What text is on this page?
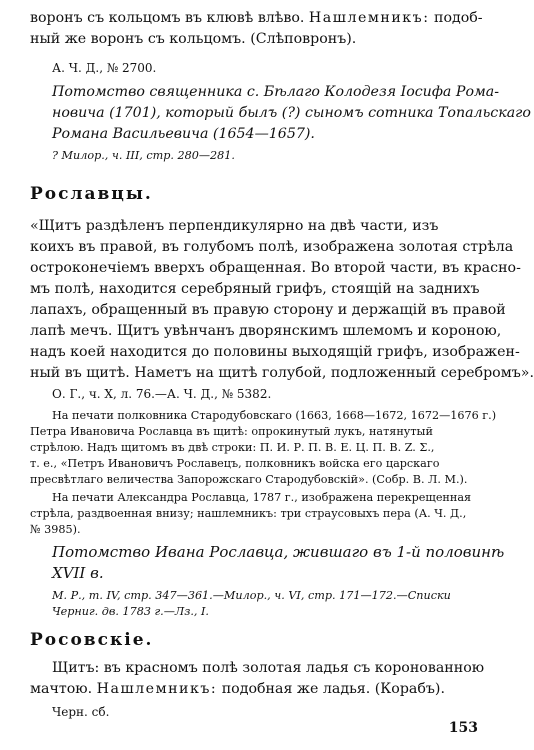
воронъ съ кольцомъ въ клювѣ влѣво. Нашлемникъ: подоб-
ный же воронъ съ кольцомъ. (Слѣповронъ).
А. Ч. Д., № 2700.
Потомство священника с. Бѣлаго Колодезя Іосифа Рома-
новича (1701), который былъ (?) сыномъ сотника Топальскаго
Романа Васильевича (1654—1657).
? Милор., ч. III, стр. 280—281.
Рославцы.
«Щитъ раздѣленъ перпендикулярно на двѣ части, изъ
коихъ въ правой, въ голубомъ полѣ, изображена золотая стрѣла
остроконечіемъ вверхъ обращенная. Во второй части, въ красно-
мъ полѣ, находится серебряный грифъ, стоящій на заднихъ
лапахъ, обращенный въ правую сторону и держащій въ правой
лапѣ мечъ. Щитъ увѣнчанъ дворянскимъ шлемомъ и короною,
надъ коей находится до половины выходящій грифъ, изображен-
ный въ щитѣ. Наметъ на щитѣ голубой, подложенный серебромъ».
О. Г., ч. X, л. 76.—А. Ч. Д., № 5382.
На печати полковника Стародубовскаго (1663, 1668—1672, 1672—1676 г.)
Петра Ивановича Рославца въ щитѣ: опрокинутый лукъ, натянутый
стрѣлою. Надъ щитомъ въ двѣ строки: П. И. Р. П. В. Е. Ц. П. В. Z. Σ.,
т. е., «Петръ Ивановичъ Рославецъ, полковникъ войска его царскаго
пресвѣтлаго величества Запорожскаго Стародубовскій». (Собр. В. Л. М.).
На печати Александра Рославца, 1787 г., изображена перекрещенная
стрѣла, раздвоенная внизу; нашлемникъ: три страусовыхъ пера (А. Ч. Д.,
№ 3985).
Потомство Ивана Рославца, жившаго въ 1-й половинѣ
XVII в.
М. Р., т. IV, стр. 347—361.—Милор., ч. VI, стр. 171—172.—Списки
Черниг. дв. 1783 г.—Лз., I.
Росовскіе.
Щитъ: въ красномъ полѣ золотая ладья съ коронованною
мачтою. Нашлемникъ: подобная же ладья. (Корабъ).
Черн. сб.
153
